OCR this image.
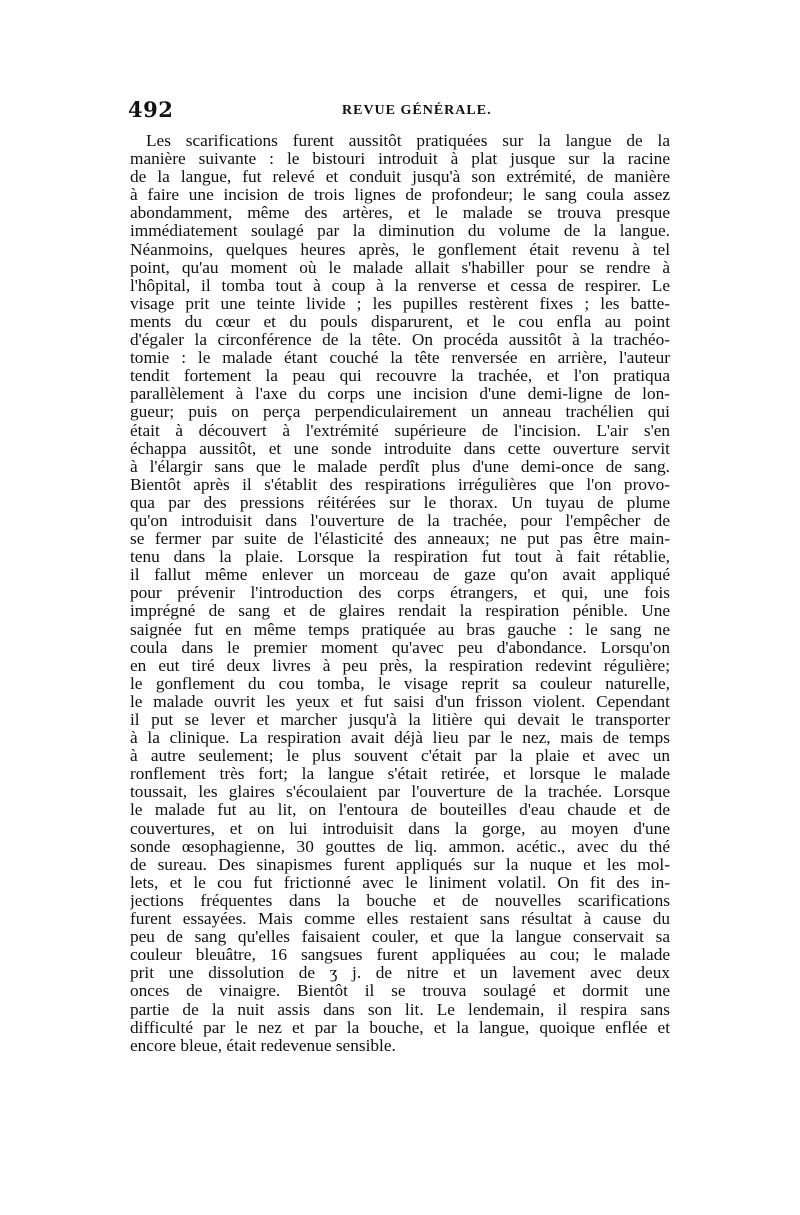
492	REVUE GÉNÉRALE.
Les scarifications furent aussitôt pratiquées sur la langue de la
manière suivante : le bistouri introduit à plat jusque sur la racine
de la langue, fut relevé et conduit jusqu'à son extrémité, de manière
à faire une incision de trois lignes de profondeur; le sang coula assez
abondamment, même des artères, et le malade se trouva presque
immédiatement soulagé par la diminution du volume de la langue.
Néanmoins, quelques heures après, le gonflement était revenu à tel
point, qu'au moment où le malade allait s'habiller pour se rendre à
l'hôpital, il tomba tout à coup à la renverse et cessa de respirer. Le
visage prit une teinte livide ; les pupilles restèrent fixes ; les batte-
ments du cœur et du pouls disparurent, et le cou enfla au point
d'égaler la circonférence de la tête. On procéda aussitôt à la trachéo-
tomie : le malade étant couché la tête renversée en arrière, l'auteur
tendit fortement la peau qui recouvre la trachée, et l'on pratiqua
parallèlement à l'axe du corps une incision d'une demi-ligne de lon-
gueur; puis on perça perpendiculairement un anneau trachélien qui
était à découvert à l'extrémité supérieure de l'incision. L'air s'en
échappa aussitôt, et une sonde introduite dans cette ouverture servit
à l'élargir sans que le malade perdît plus d'une demi-once de sang.
Bientôt après il s'établit des respirations irrégulières que l'on provo-
qua par des pressions réitérées sur le thorax. Un tuyau de plume
qu'on introduisit dans l'ouverture de la trachée, pour l'empêcher de
se fermer par suite de l'élasticité des anneaux; ne put pas être main-
tenu dans la plaie. Lorsque la respiration fut tout à fait rétablie,
il fallut même enlever un morceau de gaze qu'on avait appliqué
pour prévenir l'introduction des corps étrangers, et qui, une fois
imprégné de sang et de glaires rendait la respiration pénible. Une
saignée fut en même temps pratiquée au bras gauche : le sang ne
coula dans le premier moment qu'avec peu d'abondance. Lorsqu'on
en eut tiré deux livres à peu près, la respiration redevint régulière;
le gonflement du cou tomba, le visage reprit sa couleur naturelle,
le malade ouvrit les yeux et fut saisi d'un frisson violent. Cependant
il put se lever et marcher jusqu'à la litière qui devait le transporter
à la clinique. La respiration avait déjà lieu par le nez, mais de temps
à autre seulement; le plus souvent c'était par la plaie et avec un
ronflement très fort; la langue s'était retirée, et lorsque le malade
toussait, les glaires s'écoulaient par l'ouverture de la trachée. Lorsque
le malade fut au lit, on l'entoura de bouteilles d'eau chaude et de
couvertures, et on lui introduisit dans la gorge, au moyen d'une
sonde œsophagienne, 30 gouttes de liq. ammon. acétic., avec du thé
de sureau. Des sinapismes furent appliqués sur la nuque et les mol-
lets, et le cou fut frictionné avec le liniment volatil. On fit des in-
jections fréquentes dans la bouche et de nouvelles scarifications
furent essayées. Mais comme elles restaient sans résultat à cause du
peu de sang qu'elles faisaient couler, et que la langue conservait sa
couleur bleuâtre, 16 sangsues furent appliquées au cou; le malade
prit une dissolution de ʒ j. de nitre et un lavement avec deux
onces de vinaigre. Bientôt il se trouva soulagé et dormit une
partie de la nuit assis dans son lit. Le lendemain, il respira sans
difficulté par le nez et par la bouche, et la langue, quoique enflée et
encore bleue, était redevenue sensible.
